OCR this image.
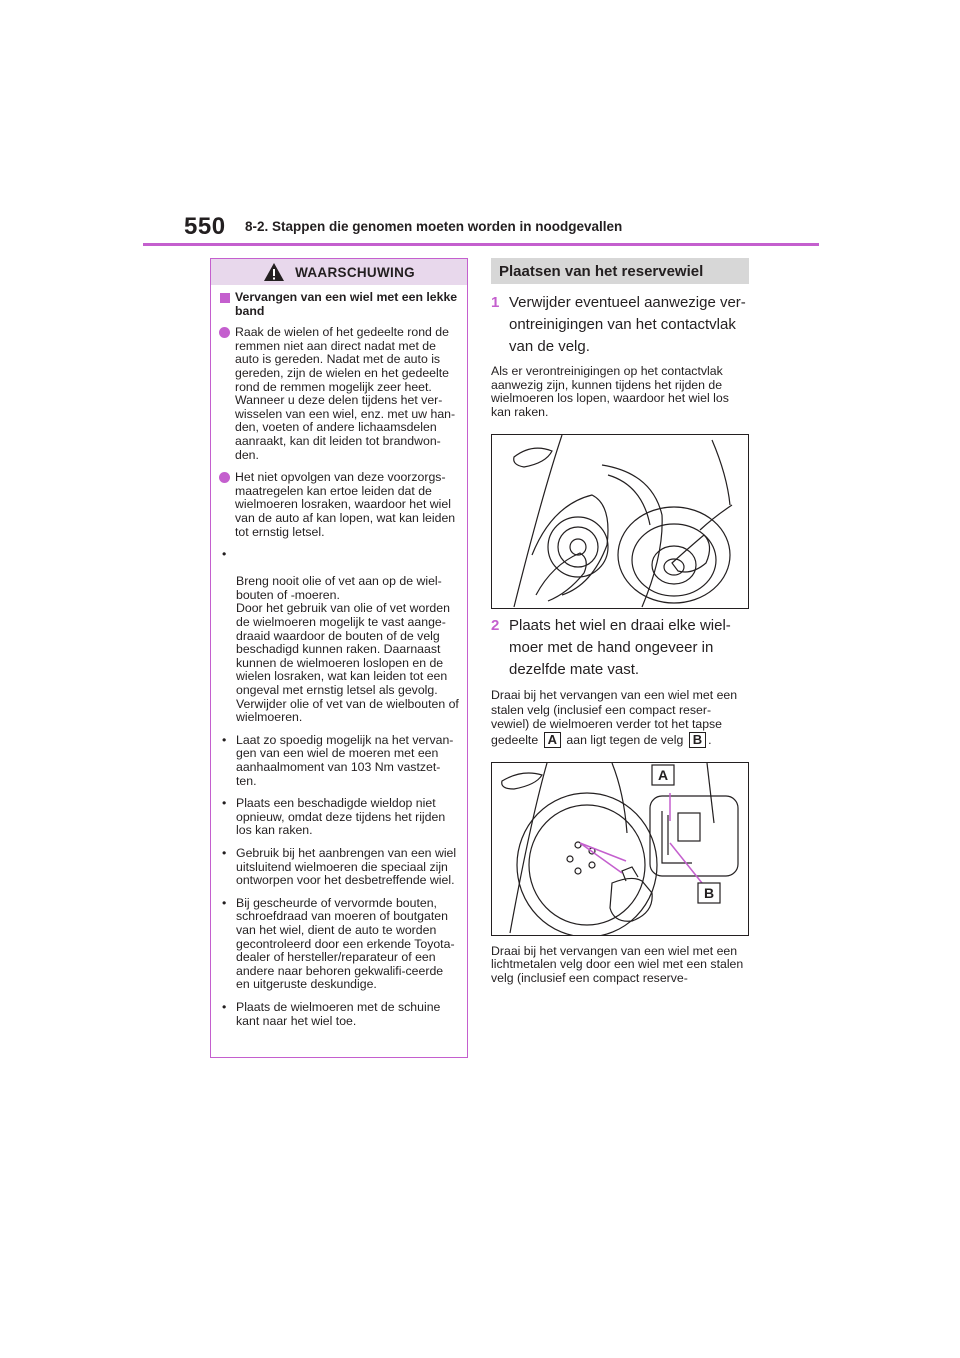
550 8-2. Stappen die genomen moeten worden in noodgevallen
WAARSCHUWING
Vervangen van een wiel met een lekke band
Raak de wielen of het gedeelte rond de remmen niet aan direct nadat met de auto is gereden. Nadat met de auto is gereden, zijn de wielen en het gedeelte rond de remmen mogelijk zeer heet. Wanneer u deze delen tijdens het ver-wisselen van een wiel, enz. met uw han-den, voeten of andere lichaamsdelen aanraakt, kan dit leiden tot brandwon-den.
Het niet opvolgen van deze voorzorgs-maatregelen kan ertoe leiden dat de wielmoeren losraken, waardoor het wiel van de auto af kan lopen, wat kan leiden tot ernstig letsel.

•

Breng nooit olie of vet aan op de wiel-bouten of -moeren.
Door het gebruik van olie of vet worden de wielmoeren mogelijk te vast aange-draaid waardoor de bouten of de velg beschadigd kunnen raken. Daarnaast kunnen de wielmoeren loslopen en de wielen losraken, wat kan leiden tot een ongeval met ernstig letsel als gevolg. Verwijder olie of vet van de wielbouten of wielmoeren.

• Laat zo spoedig mogelijk na het vervan-gen van een wiel de moeren met een aanhaalmoment van 103 Nm vastzet-ten.
• Plaats een beschadigde wieldop niet opnieuw, omdat deze tijdens het rijden los kan raken.
• Gebruik bij het aanbrengen van een wiel uitsluitend wielmoeren die speciaal zijn ontworpen voor het desbetreffende wiel.
• Bij gescheurde of vervormde bouten, schroefdraad van moeren of boutgaten van het wiel, dient de auto te worden gecontroleerd door een erkende Toyota-dealer of hersteller/reparateur of een andere naar behoren gekwalifi-ceerde en uitgeruste deskundige.
• Plaats de wielmoeren met de schuine kant naar het wiel toe.
Plaatsen van het reservewiel
1 Verwijder eventueel aanwezige ver-ontreinigingen van het contactvlak van de velg.
Als er verontreinigingen op het contactvlak aanwezig zijn, kunnen tijdens het rijden de wielmoeren los lopen, waardoor het wiel los kan raken.
2 Plaats het wiel en draai elke wiel-moer met de hand ongeveer in dezelfde mate vast.
Draai bij het vervangen van een wiel met een stalen velg (inclusief een compact reser-vewiel) de wielmoeren verder tot het tapse gedeelte A aan ligt tegen de velg B .
A
B
Draai bij het vervangen van een wiel met een lichtmetalen velg door een wiel met een stalen velg (inclusief een compact reserve-
